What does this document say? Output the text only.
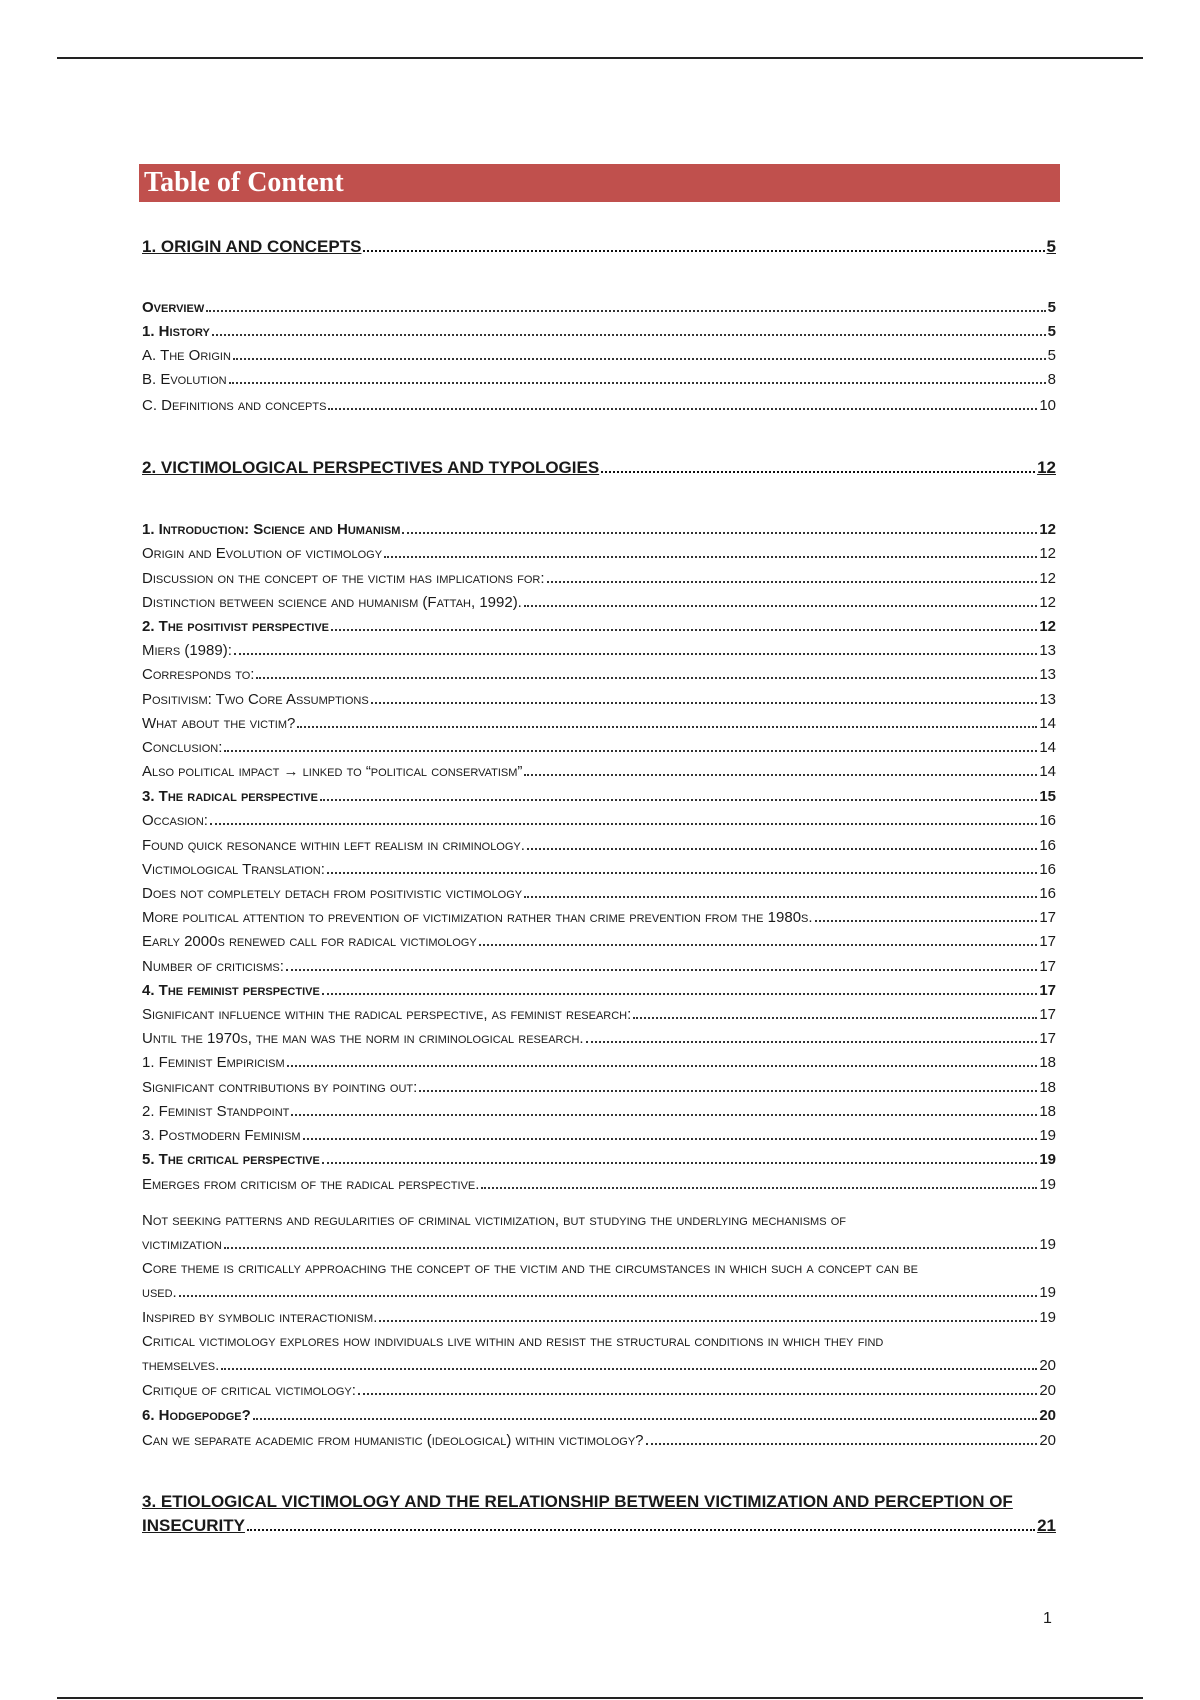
Table of Content
1. ORIGIN AND CONCEPTS	5
Overview	5
1. History	5
A. The Origin	5
B. Evolution	8
C. Definitions and concepts	10
2. VICTIMOLOGICAL PERSPECTIVES AND TYPOLOGIES	12
1. Introduction: Science and Humanism	12
Origin and Evolution of victimology	12
Discussion on the concept of the victim has implications for:	12
Distinction between science and humanism (Fattah, 1992).	12
2. The positivist perspective	12
Miers (1989):	13
Corresponds to:	13
Positivism: Two Core Assumptions	13
What about the victim?	14
Conclusion:	14
Also political impact → linked to “political conservatism”	14
3. The radical perspective	15
Occasion:	16
Found quick resonance within left realism in criminology.	16
Victimological Translation:	16
Does not completely detach from positivistic victimology	16
More political attention to prevention of victimization rather than crime prevention from the 1980s.	17
Early 2000s renewed call for radical victimology	17
Number of criticisms:	17
4. The feminist perspective	17
Significant influence within the radical perspective, as feminist research:	17
Until the 1970s, the man was the norm in criminological research.	17
1. Feminist Empiricism	18
Significant contributions by pointing out:	18
2. Feminist Standpoint	18
3. Postmodern Feminism	19
5. The critical perspective	19
Emerges from criticism of the radical perspective.	19
Not seeking patterns and regularities of criminal victimization, but studying the underlying mechanisms of
victimization	19
Core theme is critically approaching the concept of the victim and the circumstances in which such a concept can be
used.	19
Inspired by symbolic interactionism.	19
Critical victimology explores how individuals live within and resist the structural conditions in which they find
themselves.	20
Critique of critical victimology:	20
6. Hodgepodge?	20
Can we separate academic from humanistic (ideological) within victimology?	20
3. ETIOLOGICAL VICTIMOLOGY AND THE RELATIONSHIP BETWEEN VICTIMIZATION AND PERCEPTION OF
INSECURITY	21
1
